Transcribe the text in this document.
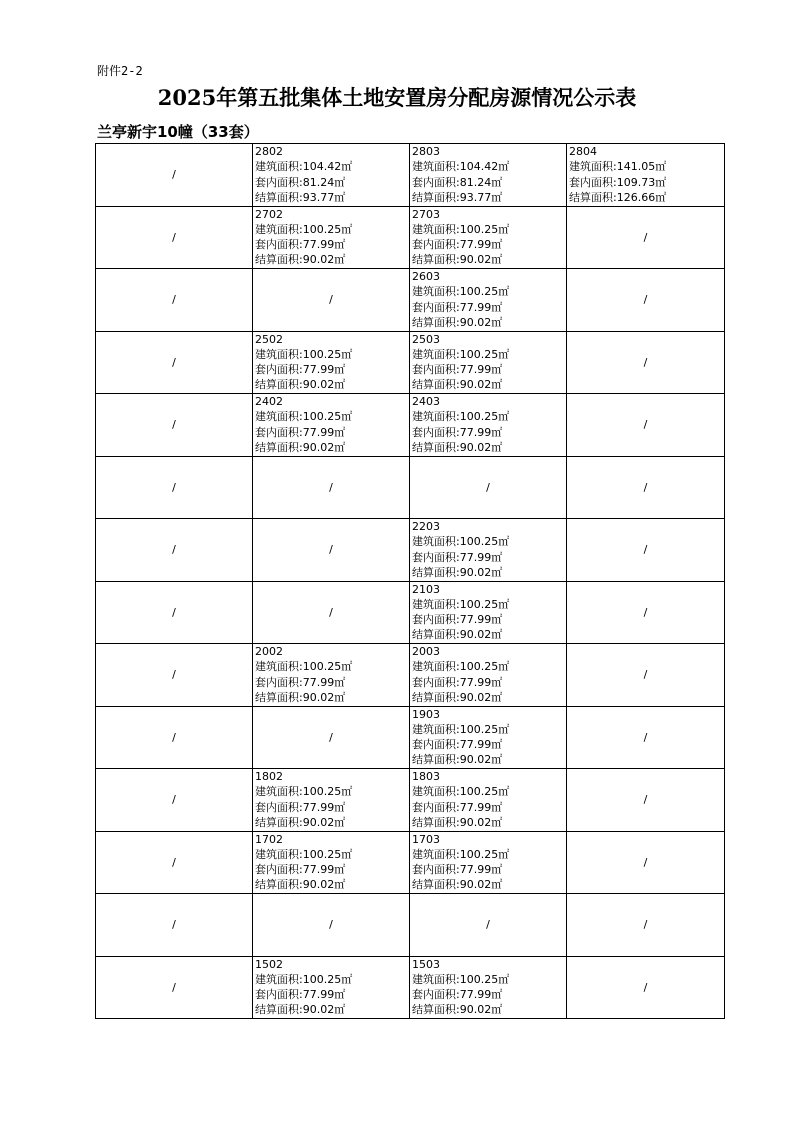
附件2-2
2025年第五批集体土地安置房分配房源情况公示表
兰亭新宇10幢（33套）
/	2802
建筑面积:104.42㎡
套内面积:81.24㎡
结算面积:93.77㎡	2803
建筑面积:104.42㎡
套内面积:81.24㎡
结算面积:93.77㎡	2804
建筑面积:141.05㎡
套内面积:109.73㎡
结算面积:126.66㎡

/	2702
建筑面积:100.25㎡
套内面积:77.99㎡
结算面积:90.02㎡	2703
建筑面积:100.25㎡
套内面积:77.99㎡
结算面积:90.02㎡	/
/	/	2603
建筑面积:100.25㎡
套内面积:77.99㎡
结算面积:90.02㎡	/
/	2502
建筑面积:100.25㎡
套内面积:77.99㎡
结算面积:90.02㎡	2503
建筑面积:100.25㎡
套内面积:77.99㎡
结算面积:90.02㎡	/
/	2402
建筑面积:100.25㎡
套内面积:77.99㎡
结算面积:90.02㎡	2403
建筑面积:100.25㎡
套内面积:77.99㎡
结算面积:90.02㎡	/
/	/	/	/
/	/	2203
建筑面积:100.25㎡
套内面积:77.99㎡
结算面积:90.02㎡	/
/	/	2103
建筑面积:100.25㎡
套内面积:77.99㎡
结算面积:90.02㎡	/
/	2002
建筑面积:100.25㎡
套内面积:77.99㎡
结算面积:90.02㎡	2003
建筑面积:100.25㎡
套内面积:77.99㎡
结算面积:90.02㎡	/
/	/	1903
建筑面积:100.25㎡
套内面积:77.99㎡
结算面积:90.02㎡	/
/	1802
建筑面积:100.25㎡
套内面积:77.99㎡
结算面积:90.02㎡	1803
建筑面积:100.25㎡
套内面积:77.99㎡
结算面积:90.02㎡	/
/	1702
建筑面积:100.25㎡
套内面积:77.99㎡
结算面积:90.02㎡	1703
建筑面积:100.25㎡
套内面积:77.99㎡
结算面积:90.02㎡	/
/	/	/	/
/	1502
建筑面积:100.25㎡
套内面积:77.99㎡
结算面积:90.02㎡	1503
建筑面积:100.25㎡
套内面积:77.99㎡
结算面积:90.02㎡	/
